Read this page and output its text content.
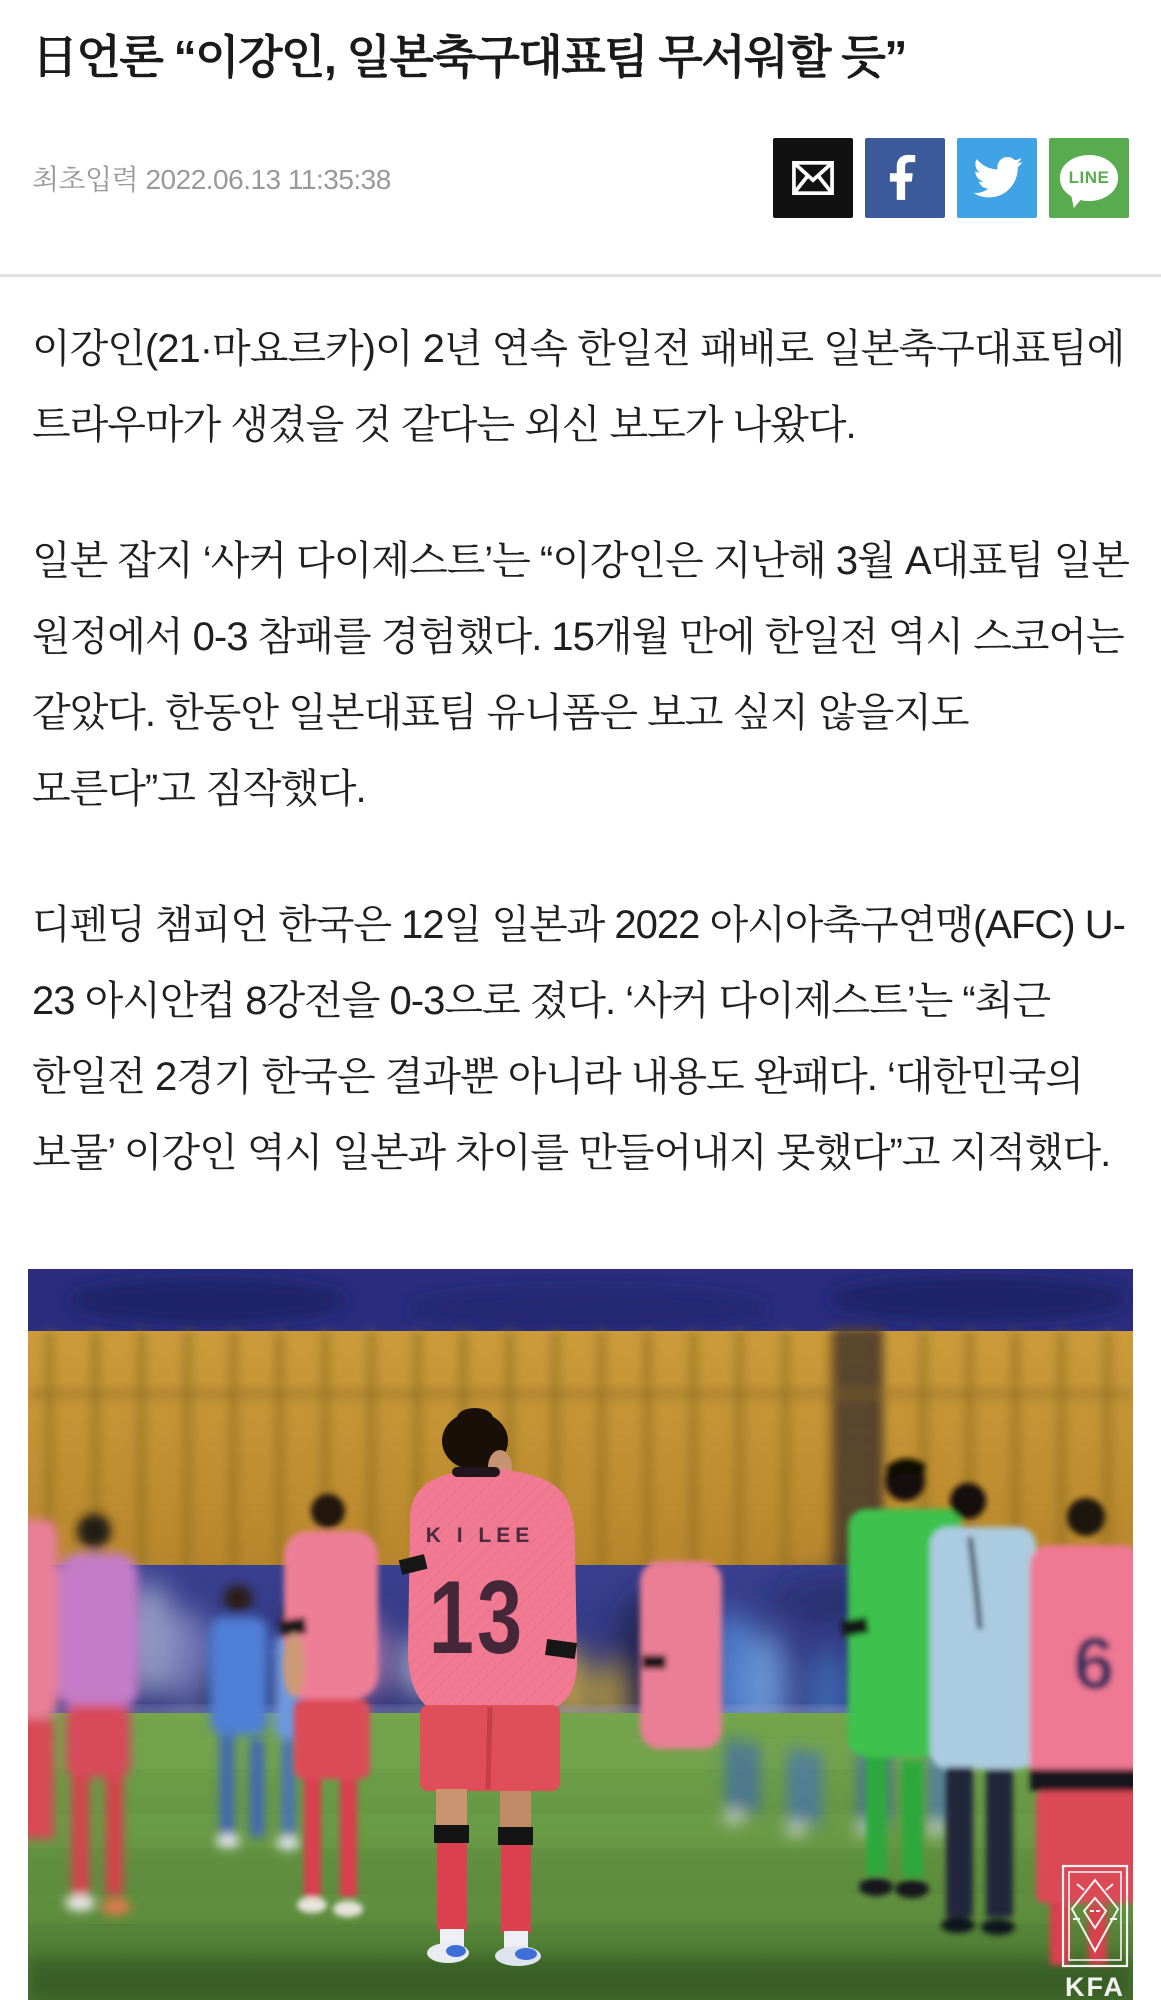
日언론 “이강인, 일본축구대표팀 무서워할 듯”
최초입력 2022.06.13 11:35:38	LINE

이강인(21·마요르카)이 2년 연속 한일전 패배로 일본축구대표팀에 트라우마가 생겼을 것 같다는 외신 보도가 나왔다.

일본 잡지 ‘사커 다이제스트’는 “이강인은 지난해 3월 A대표팀 일본 원정에서 0-3 참패를 경험했다. 15개월 만에 한일전 역시 스코어는 같았다. 한동안 일본대표팀 유니폼은 보고 싶지 않을지도 모른다”고 짐작했다.

디펜딩 챔피언 한국은 12일 일본과 2022 아시아축구연맹(AFC) U-23 아시안컵 8강전을 0-3으로 졌다. ‘사커 다이제스트’는 “최근 한일전 2경기 한국은 결과뿐 아니라 내용도 완패다. ‘대한민국의 보물’ 이강인 역시 일본과 차이를 만들어내지 못했다”고 지적했다.

K I LEE
13	6
KFA
